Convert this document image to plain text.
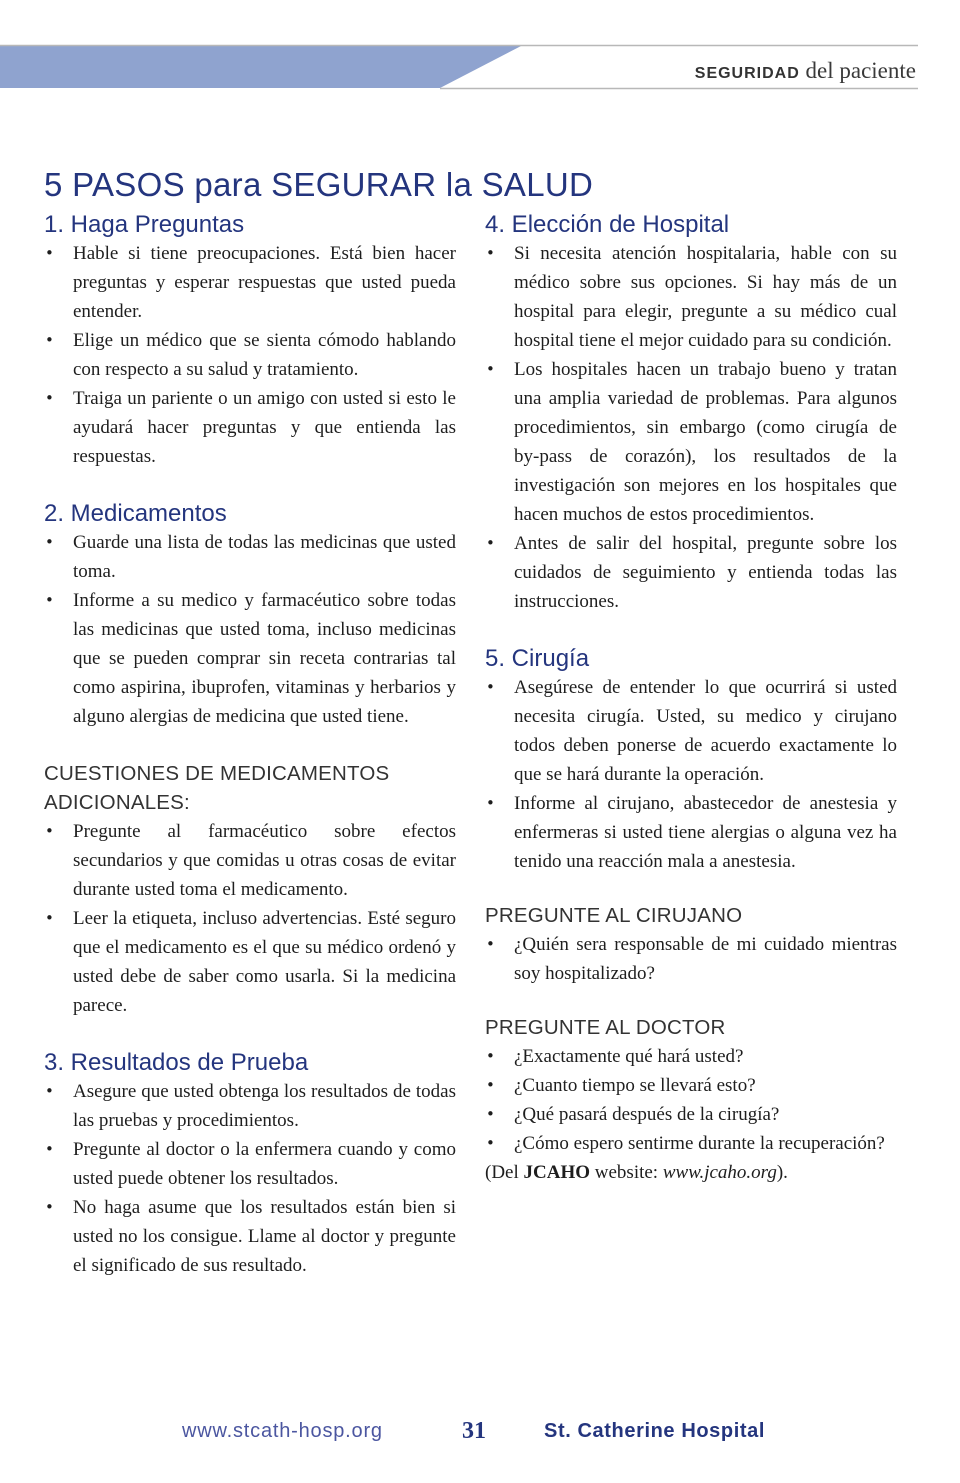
SEGURIDAD del paciente

5 PASOS para SEGURAR la SALUD
1. Haga Preguntas
• Hable si tiene preocupaciones. Está bien hacer preguntas y esperar respuestas que usted pueda entender.
• Elige un médico que se sienta cómodo hablando con respecto a su salud y tratamiento.
• Traiga un pariente o un amigo con usted si esto le ayudará hacer preguntas y que entienda las respuestas.
2. Medicamentos
• Guarde una lista de todas las medicinas que usted toma.
• Informe a su medico y farmacéutico sobre todas las medicinas que usted toma, incluso medicinas que se pueden comprar sin receta contrarias tal como aspirina, ibuprofen, vitaminas y herbarios y alguno alergias de medicina que usted tiene.
CUESTIONES DE MEDICAMENTOS ADICIONALES:
• Pregunte al farmacéutico sobre efectos secundarios y que comidas u otras cosas de evitar durante usted toma el medicamento.
• Leer la etiqueta, incluso advertencias. Esté seguro que el medicamento es el que su médico ordenó y usted debe de saber como usarla. Si la medicina parece.
3. Resultados de Prueba
• Asegure que usted obtenga los resultados de todas las pruebas y procedimientos.
• Pregunte al doctor o la enfermera cuando y como usted puede obtener los resultados.
• No haga asume que los resultados están bien si usted no los consigue. Llame al doctor y pregunte el significado de sus resultado.
4. Elección de Hospital
• Si necesita atención hospitalaria, hable con su médico sobre sus opciones. Si hay más de un hospital para elegir, pregunte a su médico cual hospital tiene el mejor cuidado para su condición.
• Los hospitales hacen un trabajo bueno y tratan una amplia variedad de problemas. Para algunos procedimientos, sin embargo (como cirugía de by-pass de corazón), los resultados de la investigación son mejores en los hospitales que hacen muchos de estos procedimientos.
• Antes de salir del hospital, pregunte sobre los cuidados de seguimiento y entienda todas las instrucciones.
5. Cirugía
• Asegúrese de entender lo que ocurrirá si usted necesita cirugía. Usted, su medico y cirujano todos deben ponerse de acuerdo exactamente lo que se hará durante la operación.
• Informe al cirujano, abastecedor de anestesia y enfermeras si usted tiene alergias o alguna vez ha tenido una reacción mala a anestesia.
PREGUNTE AL CIRUJANO
• ¿Quién sera responsable de mi cuidado mientras soy hospitalizado?
PREGUNTE AL DOCTOR
• ¿Exactamente qué hará usted?
• ¿Cuanto tiempo se llevará esto?
• ¿Qué pasará después de la cirugía?
• ¿Cómo espero sentirme durante la recuperación?

(Del JCAHO website: www.jcaho.org).

www.stcath-hosp.org	31	St. Catherine Hospital
